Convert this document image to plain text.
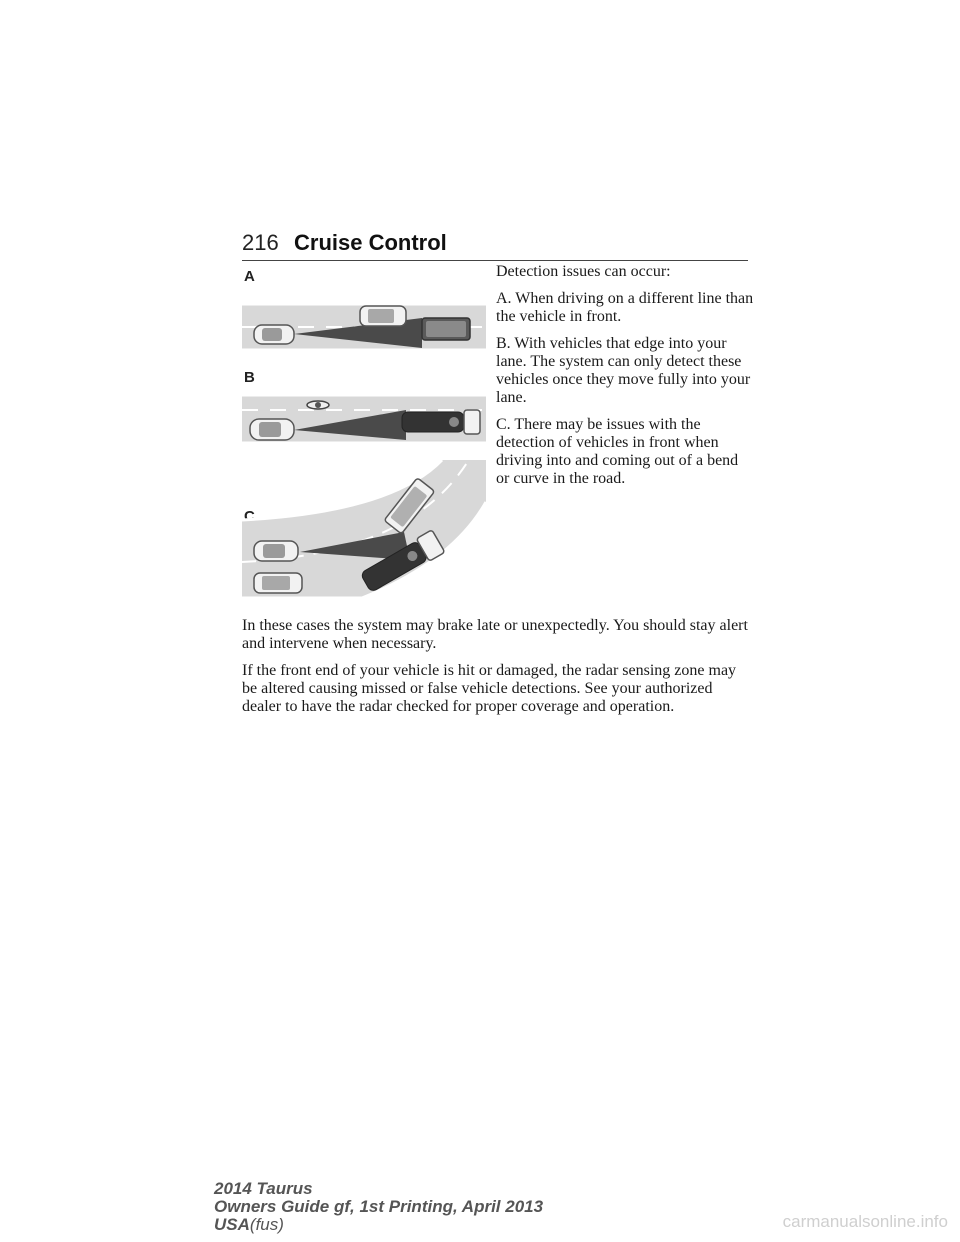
216 Cruise Control
A
B
C

Detection issues can occur:

A. When driving on a different line than the vehicle in front.

B. With vehicles that edge into your lane. The system can only detect these vehicles once they move fully into your lane.

C. There may be issues with the detection of vehicles in front when driving into and coming out of a bend or curve in the road.

In these cases the system may brake late or unexpectedly. You should stay alert and intervene when necessary.

If the front end of your vehicle is hit or damaged, the radar sensing zone may be altered causing missed or false vehicle detections. See your authorized dealer to have the radar checked for proper coverage and operation.

2014 Taurus
Owners Guide gf, 1st Printing, April 2013
USA(fus)	carmanualsonline.info
